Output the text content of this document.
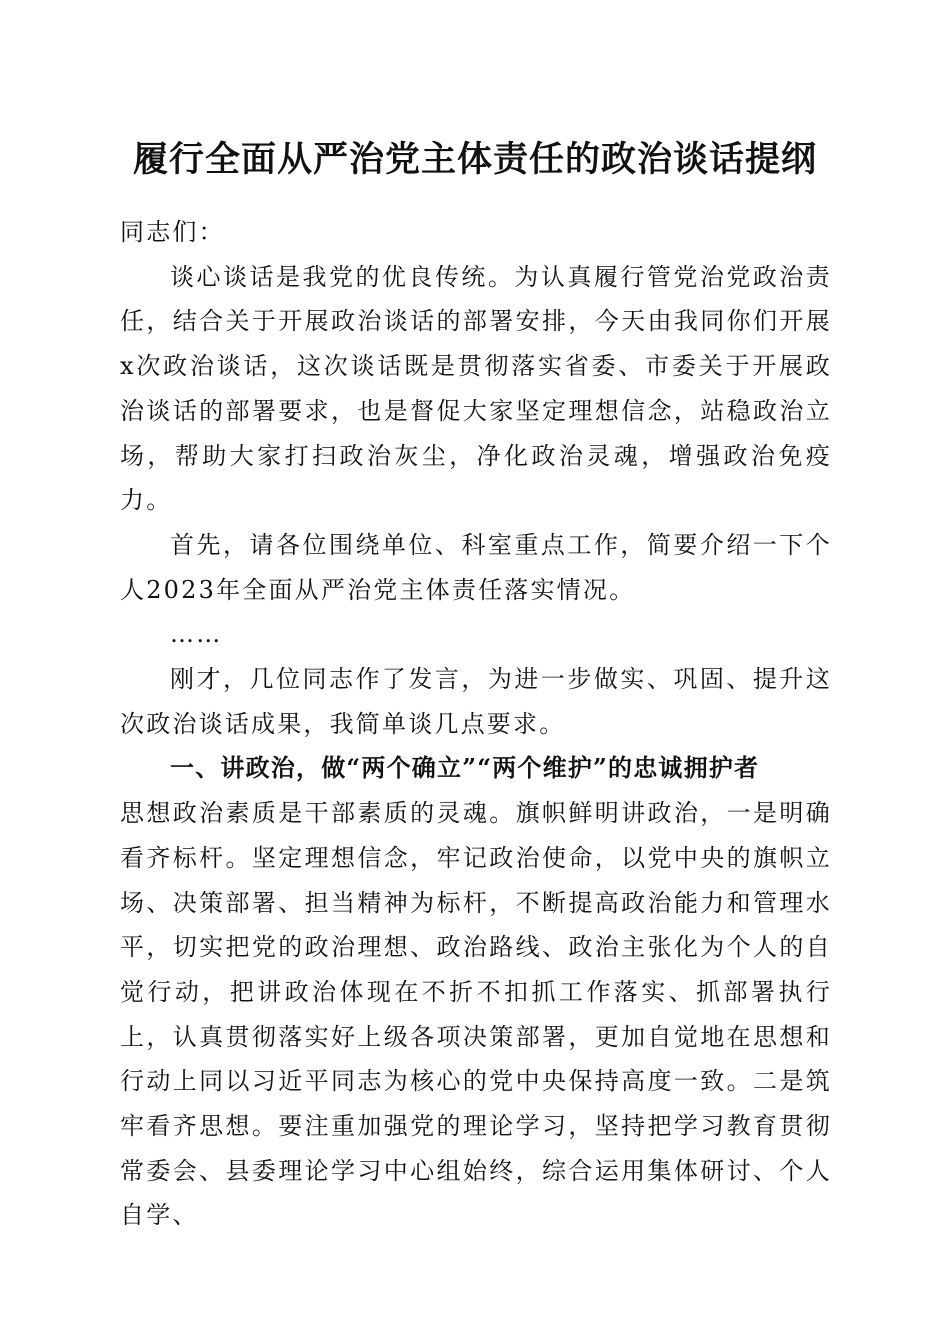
履行全面从严治党主体责任的政治谈话提纲

同志们：

谈心谈话是我党的优良传统。为认真履行管党治党政治责任，结合关于开展政治谈话的部署安排，今天由我同你们开展x次政治谈话，这次谈话既是贯彻落实省委、市委关于开展政治谈话的部署要求，也是督促大家坚定理想信念，站稳政治立场，帮助大家打扫政治灰尘，净化政治灵魂，增强政治免疫力。

首先，请各位围绕单位、科室重点工作，简要介绍一下个人2023年全面从严治党主体责任落实情况。

……

刚才，几位同志作了发言，为进一步做实、巩固、提升这次政治谈话成果，我简单谈几点要求。

一、讲政治，做“两个确立”“两个维护”的忠诚拥护者

思想政治素质是干部素质的灵魂。旗帜鲜明讲政治，一是明确看齐标杆。坚定理想信念，牢记政治使命，以党中央的旗帜立场、决策部署、担当精神为标杆，不断提高政治能力和管理水平，切实把党的政治理想、政治路线、政治主张化为个人的自觉行动，把讲政治体现在不折不扣抓工作落实、抓部署执行上，认真贯彻落实好上级各项决策部署，更加自觉地在思想和行动上同以习近平同志为核心的党中央保持高度一致。二是筑牢看齐思想。要注重加强党的理论学习，坚持把学习教育贯彻常委会、县委理论学习中心组始终，综合运用集体研讨、个人自学、
